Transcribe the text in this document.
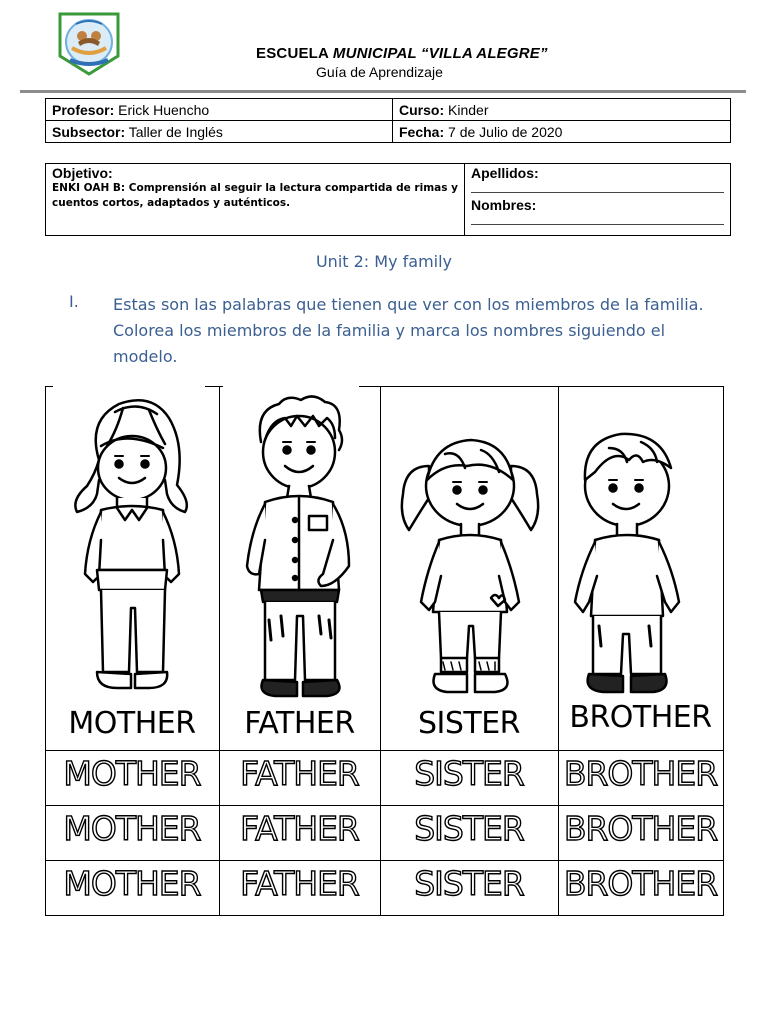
ESCUELA MUNICIPAL “VILLA ALEGRE”
Guía de Aprendizaje
Profesor: Erick Huencho	Curso: Kinder
Subsector: Taller de Inglés	Fecha: 7 de Julio de 2020
Objetivo:
ENKI OAH B: Comprensión al seguir la lectura compartida de rimas y cuentos cortos, adaptados y auténticos.
Apellidos:
Nombres:
Unit 2: My family
I. Estas son las palabras que tienen que ver con los miembros de la familia. Colorea los miembros de la familia y marca los nombres siguiendo el modelo.
MOTHER	FATHER	SISTER	BROTHER
MOTHER	FATHER	SISTER	BROTHER
MOTHER	FATHER	SISTER	BROTHER
MOTHER	FATHER	SISTER	BROTHER
